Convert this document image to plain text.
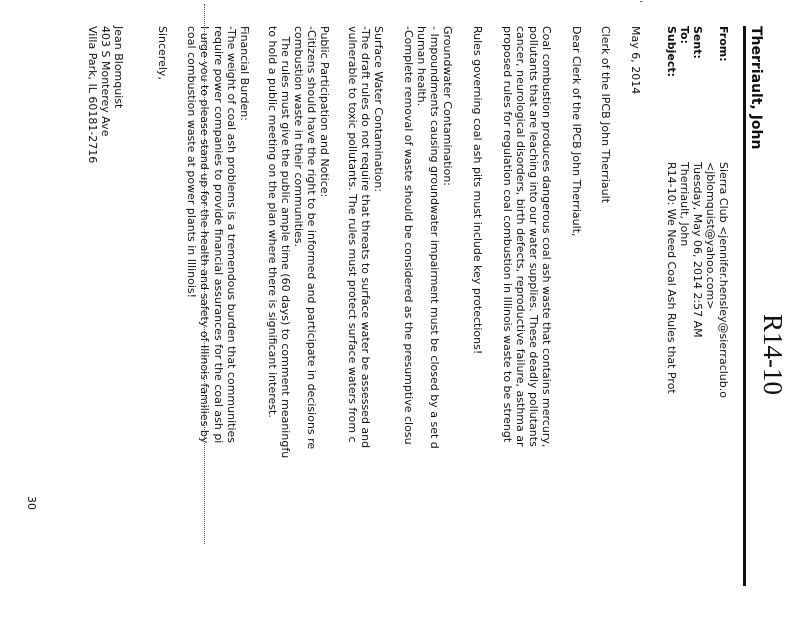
R14-10
Therriault, John
From:
Sierra Club <jennifer.hensley@sierraclub.o
<jblomquist@yahoo.com>
Sent:
Tuesday, May 06, 2014 2:57 AM
To:
Therriault, John
Subject:
R14-10: We Need Coal Ash Rules that Prot
May 6, 2014
Clerk of the IPCB John Therriault
Dear Clerk of the IPCB John Therriault,
Coal combustion produces dangerous coal ash waste that contains mercury,
pollutants that are leaching into our water supplies. These deadly pollutants
cancer, neurological disorders, birth defects, reproductive failure, asthma ar
proposed rules for regulation coal combustion in Illinois waste to be strengt
Rules governing coal ash pits must include key protections!
Groundwater Contamination:
- Impoundments causing groundwater impairment must be closed by a set d
human health.
-Complete removal of waste should be considered as the presumptive closu
Surface Water Contamination:
-The draft rules do not require that threats to surface water be assessed and
vulnerable to toxic pollutants. The rules must protect surface waters from c
Public Participation and Notice:
-Citizens should have the right to be informed and participate in decisions re
combustion waste in their communities.
The rules must give the public ample time (60 days) to comment meaningfu
to hold a public meeting on the plan where there is significant interest.
Financial Burden:
-The weight of coal ash problems is a tremendous burden that communities
require power companies to provide financial assurances for the coal ash pi
I urge you to please stand up for the health and safety of Illinois families by
coal combustion waste at power plants in Illinois!
Sincerely,
Jean Blomquist
403 S Monterey Ave
Villa Park, IL 60181-2716
ˈ
30
